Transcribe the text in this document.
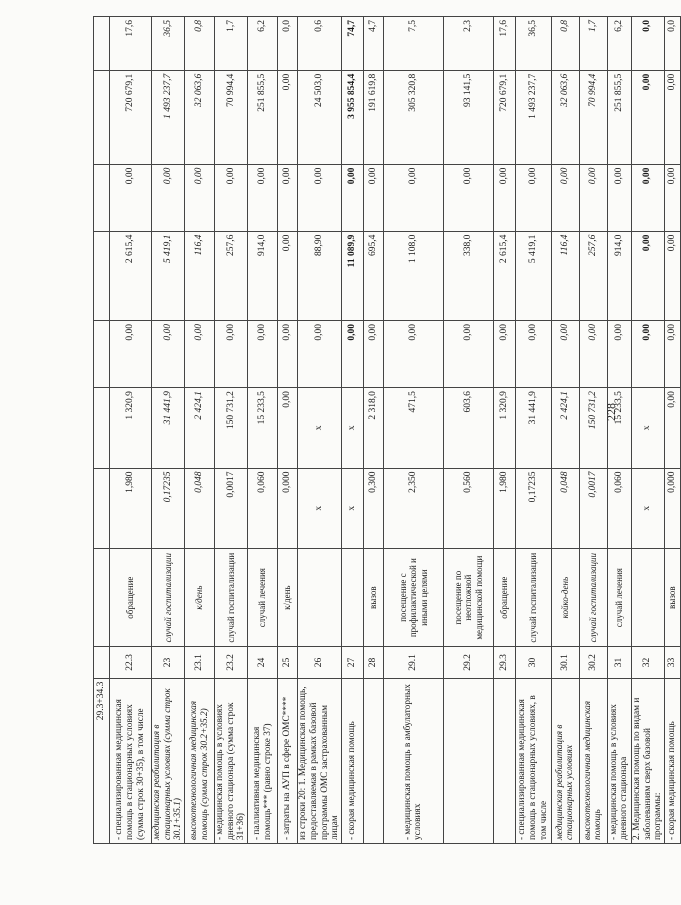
29.3+34.3									
- специализированная медицинская помощь в стационарных условиях (сумма строк 30+35), в том числе	22.3	обращение	1,980	1 320,9	0,00	2 615,4	0,00	720 679,1	17,6
медицинская реабилитация в стационарных условиях (сумма строк 30.1+35.1)	23	случай госпитализации	0,17235	31 441,9	0,00	5 419,1	0,00	1 493 237,7	36,5
высокотехнологичная медицинская помощь (сумма строк 30.2+35.2)	23.1	к/день	0,048	2 424,1	0,00	116,4	0,00	32 063,6	0,8
- медицинская помощь в условиях дневного стационара (сумма строк 31+36)	23.2	случай госпитализации	0,0017	150 731,2	0,00	257,6	0,00	70 994,4	1,7
- паллиативная медицинская помощь*** (равно строке 37)	24	случай лечения	0,060	15 233,5	0,00	914,0	0,00	251 855,5	6,2
- затраты на АУП в сфере ОМС****	25	к/день	0,000	0,00	0,00	0,00	0,00	0,00	0,0
из строки 20: 1. Медицинская помощь, предоставляемая в рамках базовой программы ОМС застрахованным лицам	26		x	x	0,00	88,90	0,00	24 503,0	0,6
- скорая медицинская помощь	27		x	x	0,00	11 089,9	0,00	3 955 854,4	74,7
	28	вызов	0,300	2 318,0	0,00	695,4	0,00	191 619,8	4,7
- медицинская помощь в амбулаторных условиях	29.1	посещение с профилактической и иными целями	2,350	471,5	0,00	1 108,0	0,00	305 320,8	7,5
	29.2	посещение по неотложной медицинской помощи	0,560	603,6	0,00	338,0	0,00	93 141,5	2,3
	29.3	обращение	1,980	1 320,9	0,00	2 615,4	0,00	720 679,1	17,6
- специализированная медицинская помощь в стационарных условиях, в том числе	30	случай госпитализации	0,17235	31 441,9	0,00	5 419,1	0,00	1 493 237,7	36,5
медицинская реабилитация в стационарных условиях	30.1	койко-день	0,048	2 424,1	0,00	116,4	0,00	32 063,6	0,8
высокотехнологичная медицинская помощь	30.2	случай госпитализации	0,0017	150 731,2	0,00	257,6	0,00	70 994,4	1,7
- медицинская помощь в условиях дневного стационара	31	случай лечения	0,060	15 233,5	0,00	914,0	0,00	251 855,5	6,2
2. Медицинская помощь по видам и заболеваниям сверх базовой программы:	32		x	x	0,00	0,00	0,00	0,00	0,0
- скорая медицинская помощь	33	вызов	0,000	0,00	0,00	0,00	0,00	0,00	0,0
228
